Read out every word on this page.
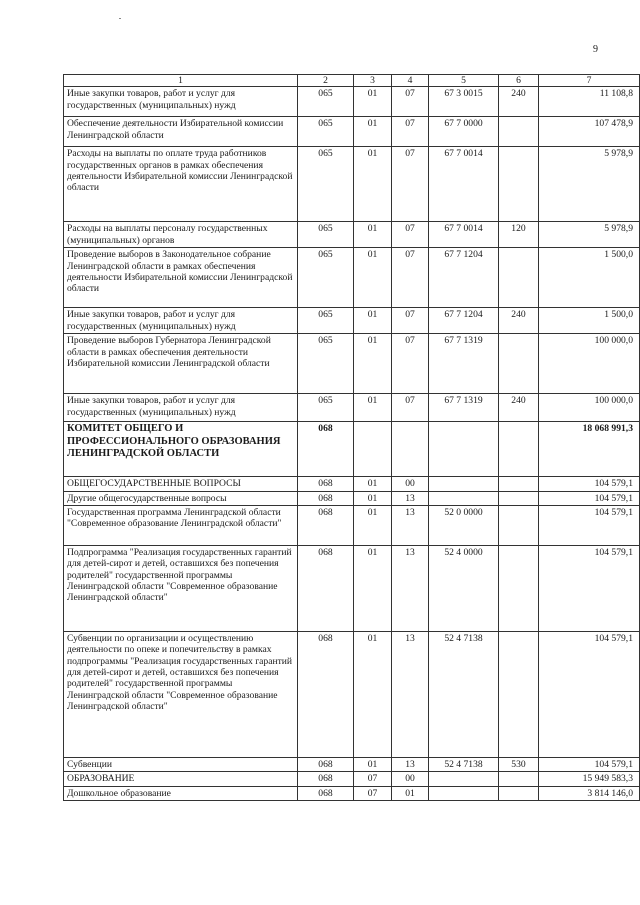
9
1	2	3	4	5	6	7
Иные закупки товаров, работ и услуг для государственных (муниципальных) нужд	065	01	07	67 3 0015	240	11 108,8
Обеспечение деятельности Избирательной комиссии Ленинградской области	065	01	07	67 7 0000		107 478,9
Расходы на выплаты по оплате труда работников государственных органов в рамках обеспечения деятельности Избирательной комиссии Ленинградской области	065	01	07	67 7 0014		5 978,9
Расходы на выплаты персоналу государственных (муниципальных) органов	065	01	07	67 7 0014	120	5 978,9
Проведение выборов в Законодательное собрание Ленинградской области в рамках обеспечения деятельности Избирательной комиссии Ленинградской области	065	01	07	67 7 1204		1 500,0
Иные закупки товаров, работ и услуг для государственных (муниципальных) нужд	065	01	07	67 7 1204	240	1 500,0
Проведение выборов Губернатора Ленинградской области в рамках обеспечения деятельности Избирательной комиссии Ленинградской области	065	01	07	67 7 1319		100 000,0
Иные закупки товаров, работ и услуг для государственных (муниципальных) нужд	065	01	07	67 7 1319	240	100 000,0
КОМИТЕТ ОБЩЕГО И ПРОФЕССИОНАЛЬНОГО ОБРАЗОВАНИЯ ЛЕНИНГРАДСКОЙ ОБЛАСТИ	068					18 068 991,3
ОБЩЕГОСУДАРСТВЕННЫЕ ВОПРОСЫ	068	01	00			104 579,1
Другие общегосударственные вопросы	068	01	13			104 579,1
Государственная программа Ленинградской области "Современное образование Ленинградской области"	068	01	13	52 0 0000		104 579,1
Подпрограмма "Реализация государственных гарантий для детей-сирот и детей, оставшихся без попечения родителей" государственной программы Ленинградской области "Современное образование Ленинградской области"	068	01	13	52 4 0000		104 579,1
Субвенции по организации и осуществлению деятельности по опеке и попечительству в рамках подпрограммы "Реализация государственных гарантий для детей-сирот и детей, оставшихся без попечения родителей" государственной программы Ленинградской области "Современное образование Ленинградской области"	068	01	13	52 4 7138		104 579,1
Субвенции	068	01	13	52 4 7138	530	104 579,1
ОБРАЗОВАНИЕ	068	07	00			15 949 583,3
Дошкольное образование	068	07	01			3 814 146,0
